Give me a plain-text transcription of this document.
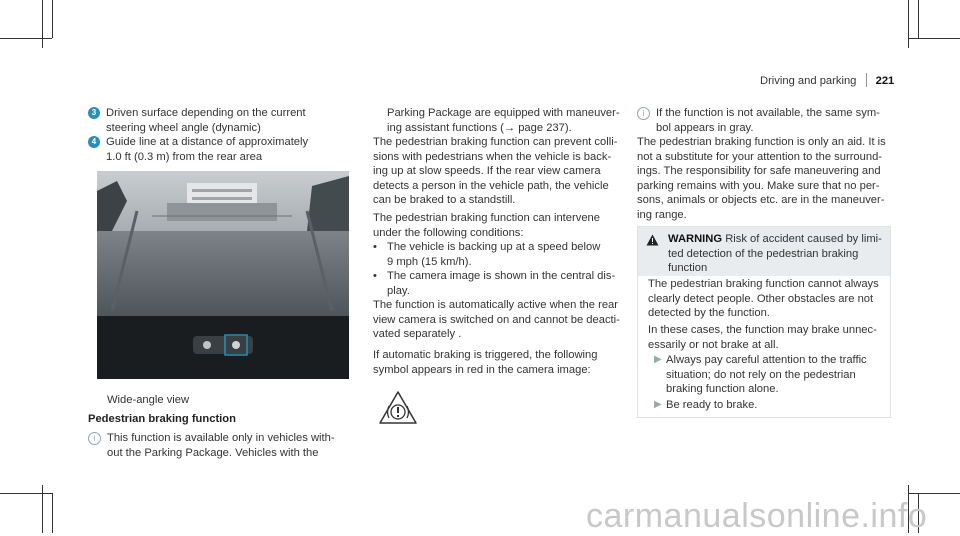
Driving and parking 221
3 Driven surface depending on the current
steering wheel angle (dynamic)
4 Guide line at a distance of approximately
1.0 ft (0.3 m) from the rear area
Wide-angle view
Pedestrian braking function
i This function is available only in vehicles with-
out the Parking Package. Vehicles with the
Parking Package are equipped with maneuver-
ing assistant functions (→ page 237).
The pedestrian braking function can prevent colli-
sions with pedestrians when the vehicle is back-
ing up at slow speeds. If the rear view camera
detects a person in the vehicle path, the vehicle
can be braked to a standstill.
The pedestrian braking function can intervene
under the following conditions:
• The vehicle is backing up at a speed below
9 mph (15 km/h).
• The camera image is shown in the central dis-
play.
The function is automatically active when the rear
view camera is switched on and cannot be deacti-
vated separately .
If automatic braking is triggered, the following
symbol appears in red in the camera image:
i If the function is not available, the same sym-
bol appears in gray.
The pedestrian braking function is only an aid. It is
not a substitute for your attention to the surround-
ings. The responsibility for safe maneuvering and
parking remains with you. Make sure that no per-
sons, animals or objects etc. are in the maneuver-
ing range.
WARNING Risk of accident caused by limi-
ted detection of the pedestrian braking
function
The pedestrian braking function cannot always
clearly detect people. Other obstacles are not
detected by the function.
In these cases, the function may brake unnec-
essarily or not brake at all.
▶ Always pay careful attention to the traffic
situation; do not rely on the pedestrian
braking function alone.
▶ Be ready to brake.
carmanualsonline.info
